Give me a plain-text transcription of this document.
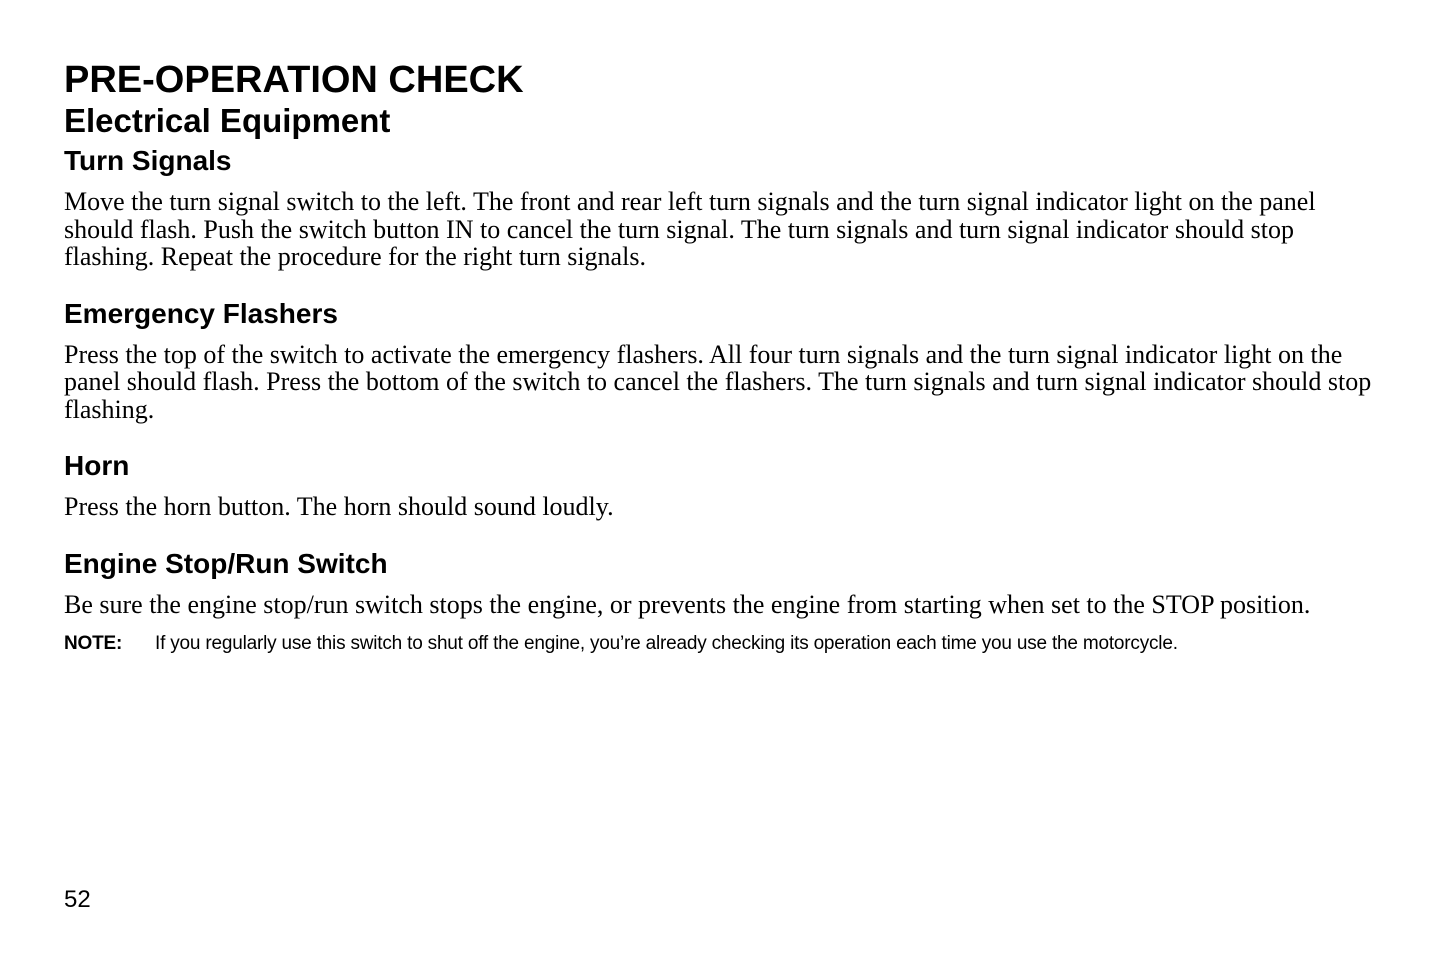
PRE-OPERATION CHECK
Electrical Equipment
Turn Signals

Move the turn signal switch to the left. The front and rear left turn signals and the turn signal indicator light on the panel should flash. Push the switch button IN to cancel the turn signal. The turn signals and turn signal indicator should stop flashing. Repeat the procedure for the right turn signals.

Emergency Flashers

Press the top of the switch to activate the emergency flashers. All four turn signals and the turn signal indicator light on the panel should flash. Press the bottom of the switch to cancel the flashers. The turn signals and turn signal indicator should stop flashing.

Horn

Press the horn button. The horn should sound loudly.

Engine Stop/Run Switch

Be sure the engine stop/run switch stops the engine, or prevents the engine from starting when set to the STOP position.

NOTE:	If you regularly use this switch to shut off the engine, you’re already checking its operation each time you use the motorcycle.
52
